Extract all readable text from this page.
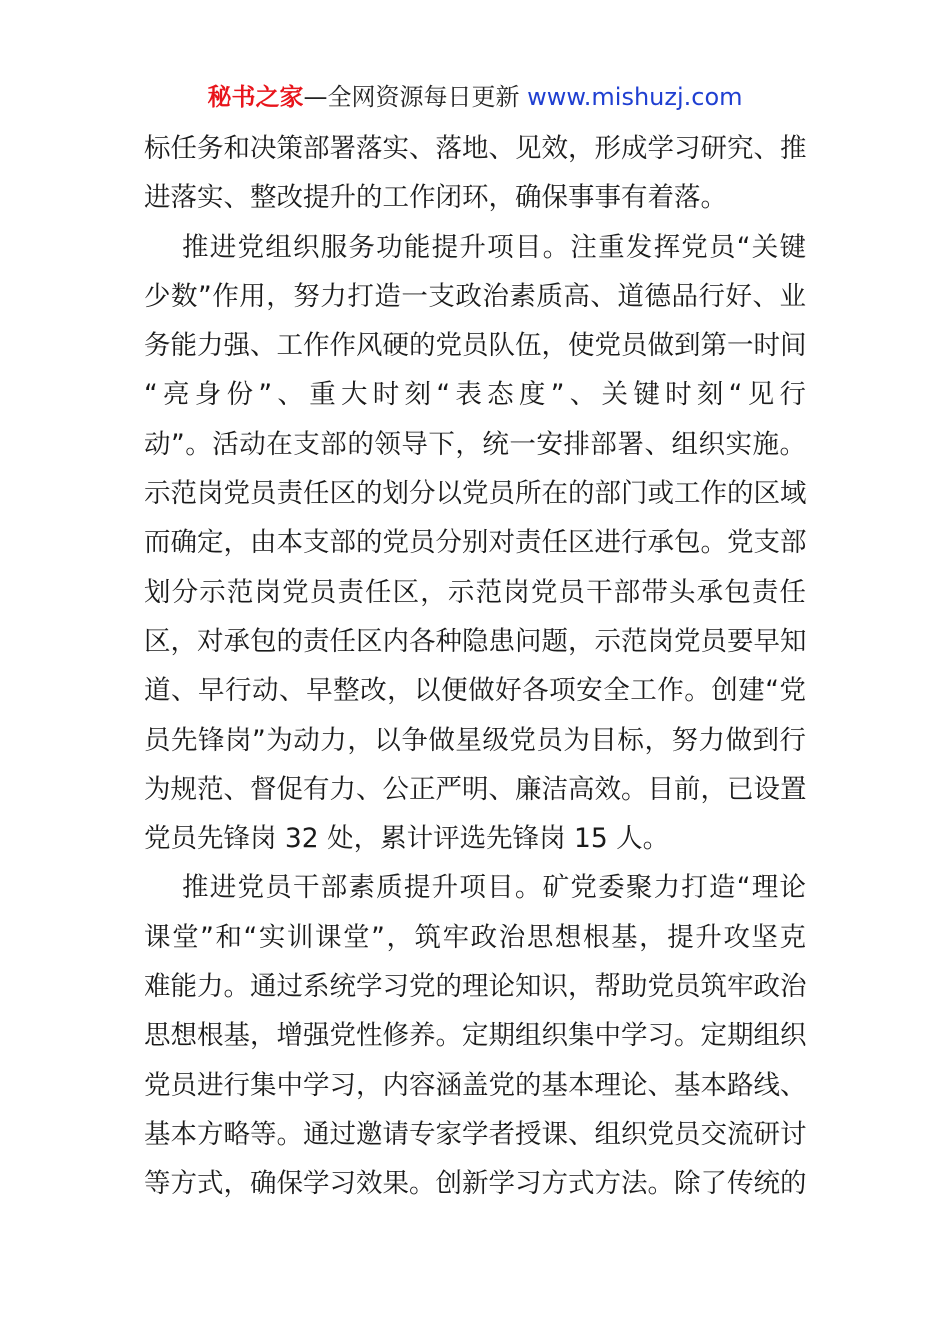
秘书之家—全网资源每日更新 www.mishuzj.com
标任务和决策部署落实、落地、见效，形成学习研究、推
进落实、整改提升的工作闭环，确保事事有着落。
推进党组织服务功能提升项目。注重发挥党员“关键
少数”作用，努力打造一支政治素质高、道德品行好、业
务能力强、工作作风硬的党员队伍，使党员做到第一时间
“亮身份”、重大时刻“表态度”、关键时刻“见行
动”。活动在支部的领导下，统一安排部署、组织实施。
示范岗党员责任区的划分以党员所在的部门或工作的区域
而确定，由本支部的党员分别对责任区进行承包。党支部
划分示范岗党员责任区，示范岗党员干部带头承包责任
区，对承包的责任区内各种隐患问题，示范岗党员要早知
道、早行动、早整改，以便做好各项安全工作。创建“党
员先锋岗”为动力，以争做星级党员为目标，努力做到行
为规范、督促有力、公正严明、廉洁高效。目前，已设置
党员先锋岗 32 处，累计评选先锋岗 15 人。
推进党员干部素质提升项目。矿党委聚力打造“理论
课堂”和“实训课堂”，筑牢政治思想根基，提升攻坚克
难能力。通过系统学习党的理论知识，帮助党员筑牢政治
思想根基，增强党性修养。定期组织集中学习。定期组织
党员进行集中学习，内容涵盖党的基本理论、基本路线、
基本方略等。通过邀请专家学者授课、组织党员交流研讨
等方式，确保学习效果。创新学习方式方法。除了传统的
